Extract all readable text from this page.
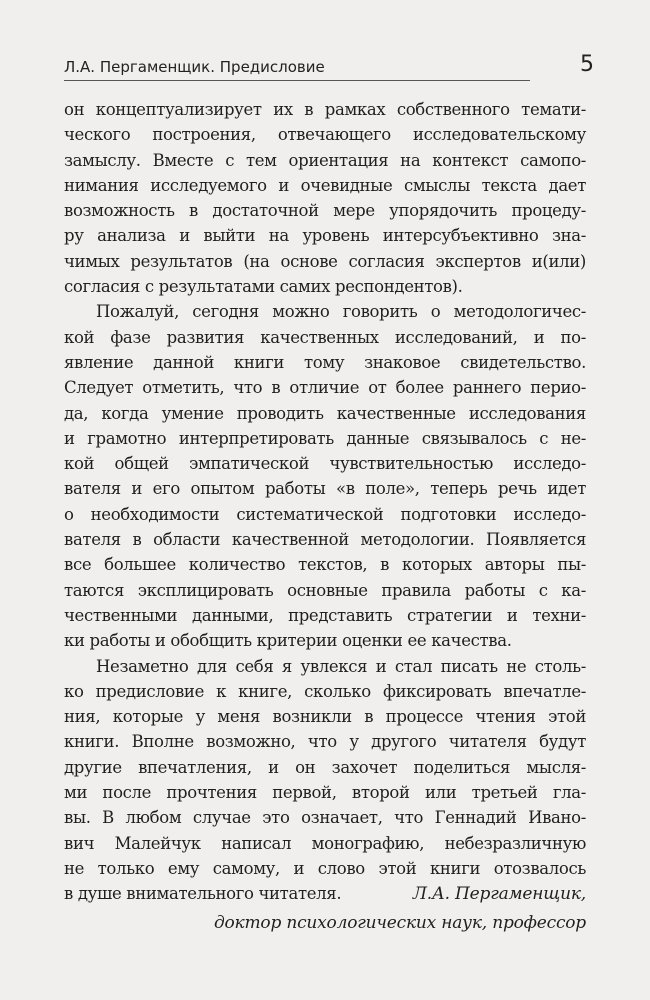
Л.А. Пергаменщик. Предисловие	5
он концептуализирует их в рамках собственного темати-
ческого построения, отвечающего исследовательскому
замыслу. Вместе с тем ориентация на контекст самопо-
нимания исследуемого и очевидные смыслы текста дает
возможность в достаточной мере упорядочить процеду-
ру анализа и выйти на уровень интерсубъективно зна-
чимых результатов (на основе согласия экспертов и(или)
согласия с результатами самих респондентов).
Пожалуй, сегодня можно говорить о методологичес-
кой фазе развития качественных исследований, и по-
явление данной книги тому знаковое свидетельство.
Следует отметить, что в отличие от более раннего перио-
да, когда умение проводить качественные исследования
и грамотно интерпретировать данные связывалось с не-
кой общей эмпатической чувствительностью исследо-
вателя и его опытом работы «в поле», теперь речь идет
о необходимости систематической подготовки исследо-
вателя в области качественной методологии. Появляется
все большее количество текстов, в которых авторы пы-
таются эксплицировать основные правила работы с ка-
чественными данными, представить стратегии и техни-
ки работы и обобщить критерии оценки ее качества.
Незаметно для себя я увлекся и стал писать не столь-
ко предисловие к книге, сколько фиксировать впечатле-
ния, которые у меня возникли в процессе чтения этой
книги. Вполне возможно, что у другого читателя будут
другие впечатления, и он захочет поделиться мысля-
ми после прочтения первой, второй или третьей гла-
вы. В любом случае это означает, что Геннадий Ивано-
вич Малейчук написал монографию, небезразличную
не только ему самому, и слово этой книги отозвалось
в душе внимательного читателя.	Л.А. Пергаменщик,
доктор психологических наук, профессор
